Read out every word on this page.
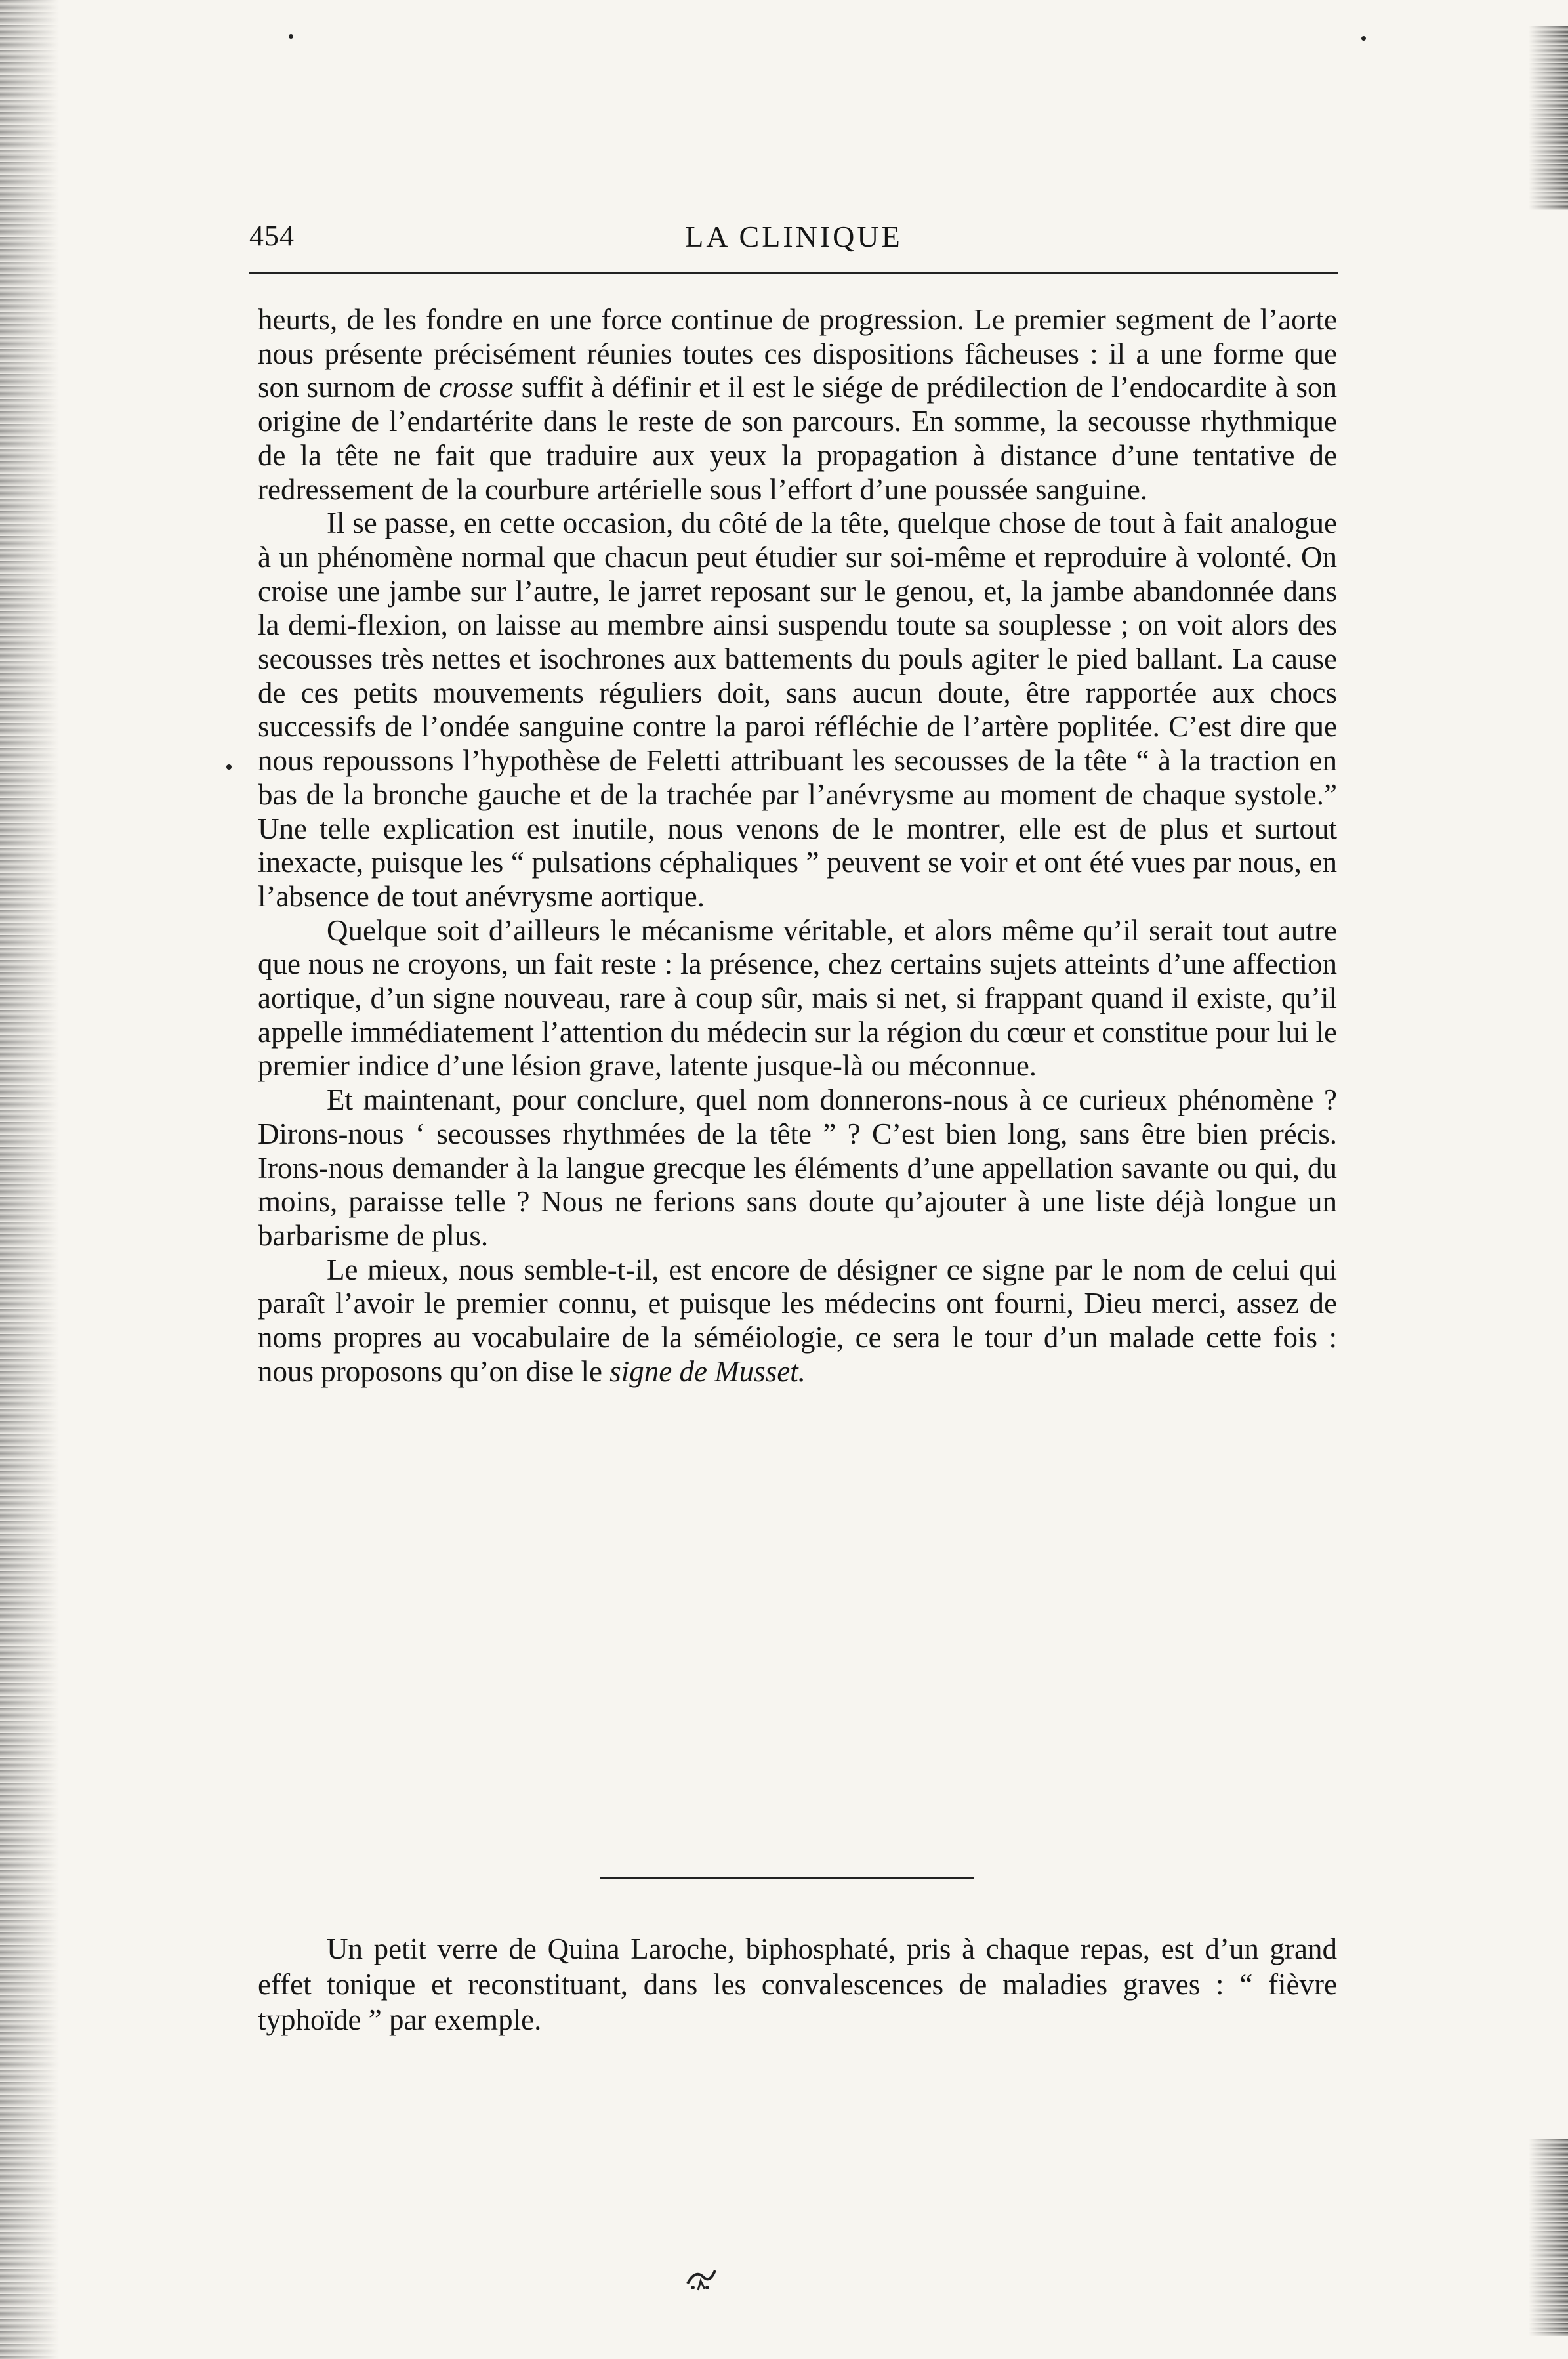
454	LA CLINIQUE

heurts, de les fondre en une force continue de progression. Le premier segment de l’aorte nous présente précisément réunies toutes ces dispositions fâcheuses : il a une forme que son surnom de crosse suffit à définir et il est le siége de prédilection de l’endocardite à son origine de l’endartérite dans le reste de son parcours. En somme, la secousse rhythmique de la tête ne fait que traduire aux yeux la propagation à distance d’une tentative de redressement de la courbure artérielle sous l’effort d’une poussée sanguine.

Il se passe, en cette occasion, du côté de la tête, quelque chose de tout à fait analogue à un phénomène normal que chacun peut étudier sur soi-même et reproduire à volonté. On croise une jambe sur l’autre, le jarret reposant sur le genou, et, la jambe abandonnée dans la demi-flexion, on laisse au membre ainsi suspendu toute sa souplesse ; on voit alors des secousses très nettes et isochrones aux battements du pouls agiter le pied ballant. La cause de ces petits mouvements réguliers doit, sans aucun doute, être rapportée aux chocs successifs de l’ondée sanguine contre la paroi réfléchie de l’artère poplitée. C’est dire que nous repoussons l’hypothèse de Feletti attribuant les secousses de la tête “ à la traction en bas de la bronche gauche et de la trachée par l’anévrysme au moment de chaque systole.” Une telle explication est inutile, nous venons de le montrer, elle est de plus et surtout inexacte, puisque les “ pulsations céphaliques ” peuvent se voir et ont été vues par nous, en l’absence de tout anévrysme aortique.

Quelque soit d’ailleurs le mécanisme véritable, et alors même qu’il serait tout autre que nous ne croyons, un fait reste : la présence, chez certains sujets atteints d’une affection aortique, d’un signe nouveau, rare à coup sûr, mais si net, si frappant quand il existe, qu’il appelle immédiatement l’attention du médecin sur la région du cœur et constitue pour lui le premier indice d’une lésion grave, latente jusque-là ou méconnue.

Et maintenant, pour conclure, quel nom donnerons-nous à ce curieux phénomène ? Dirons-nous ‘ secousses rhythmées de la tête ” ? C’est bien long, sans être bien précis. Irons-nous demander à la langue grecque les éléments d’une appellation savante ou qui, du moins, paraisse telle ? Nous ne ferions sans doute qu’ajouter à une liste déjà longue un barbarisme de plus.

Le mieux, nous semble-t-il, est encore de désigner ce signe par le nom de celui qui paraît l’avoir le premier connu, et puisque les médecins ont fourni, Dieu merci, assez de noms propres au vocabulaire de la séméiologie, ce sera le tour d’un malade cette fois : nous proposons qu’on dise le signe de Musset.

Un petit verre de Quina Laroche, biphosphaté, pris à chaque repas, est d’un grand effet tonique et reconstituant, dans les convalescences de maladies graves : “ fièvre typhoïde ” par exemple.
